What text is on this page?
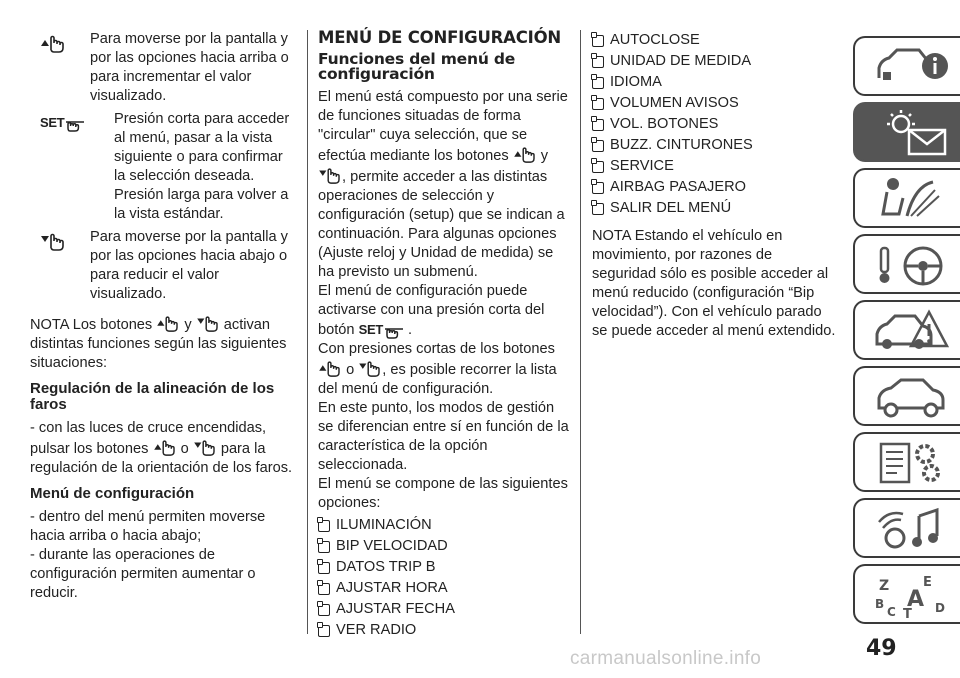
Para moverse por la pantalla y por las opciones hacia arriba o para incrementar el valor visualizado.
SET	Presión corta para acceder al menú, pasar a la vista siguiente o para confirmar la selección deseada. Presión larga para volver a la vista estándar.
Para moverse por la pantalla y por las opciones hacia abajo o para reducir el valor visualizado.

NOTA Los botones y activan distintas funciones según las siguientes situaciones:

Regulación de la alineación de los faros

- con las luces de cruce encendidas, pulsar los botones o para la regulación de la orientación de los faros.

Menú de configuración

- dentro del menú permiten moverse hacia arriba o hacia abajo;

- durante las operaciones de configuración permiten aumentar o reducir.

MENÚ DE CONFIGURACIÓN
Funciones del menú de configuración

El menú está compuesto por una serie de funciones situadas de forma "circular" cuya selección, que se efectúa mediante los botones y , permite acceder a las distintas operaciones de selección y configuración (setup) que se indican a continuación. Para algunas opciones (Ajuste reloj y Unidad de medida) se ha previsto un submenú.

El menú de configuración puede activarse con una presión corta del botón SET .

Con presiones cortas de los botones  o , es posible recorrer la lista del menú de configuración.

En este punto, los modos de gestión se diferencian entre sí en función de la característica de la opción seleccionada.

El menú se compone de las siguientes opciones:

ILUMINACIÓN
BIP VELOCIDAD
DATOS TRIP B
AJUSTAR HORA
AJUSTAR FECHA
VER RADIO
AUTOCLOSE
UNIDAD DE MEDIDA
IDIOMA
VOLUMEN AVISOS
VOL. BOTONES
BUZZ. CINTURONES
SERVICE
AIRBAG PASAJERO
SALIR DEL MENÚ

NOTA Estando el vehículo en movimiento, por razones de seguridad sólo es posible acceder al menú reducido (configuración “Bip velocidad”). Con el vehículo parado se puede acceder al menú extendido.

Z	E
B A
C	D
T
carmanualsonline.info	49
